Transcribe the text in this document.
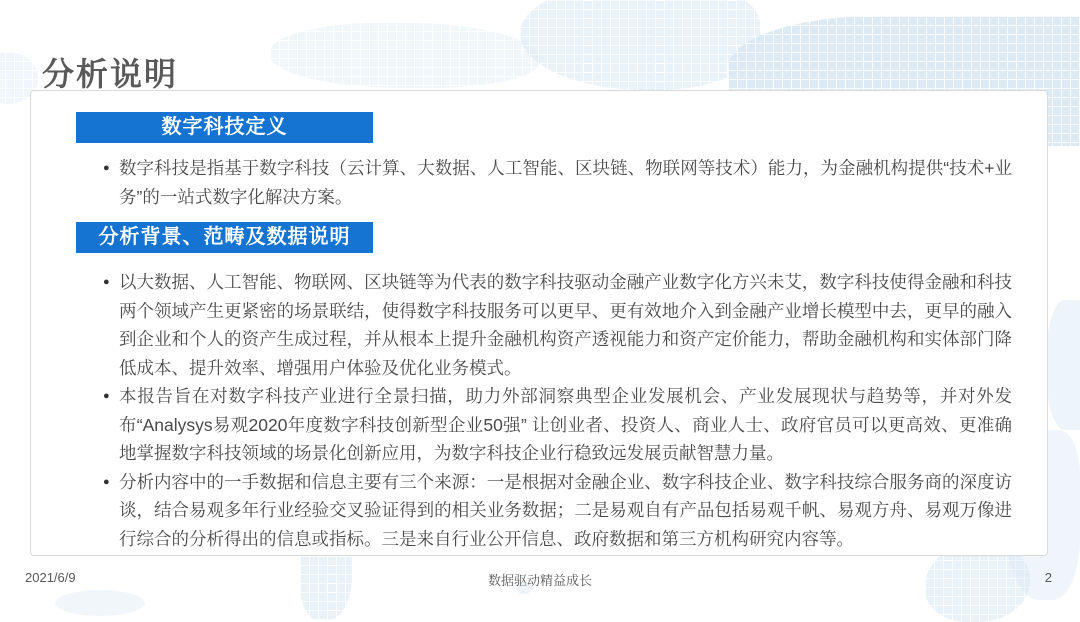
分析说明
数字科技定义
● 数字科技是指基于数字科技（云计算、大数据、人工智能、区块链、物联网等技术）能力，为金融机构提供“技术+业务”的一站式数字化解决方案。

分析背景、范畴及数据说明
● 以大数据、人工智能、物联网、区块链等为代表的数字科技驱动金融产业数字化方兴未艾，数字科技使得金融和科技两个领域产生更紧密的场景联结，使得数字科技服务可以更早、更有效地介入到金融产业增长模型中去，更早的融入到企业和个人的资产生成过程，并从根本上提升金融机构资产透视能力和资产定价能力，帮助金融机构和实体部门降低成本、提升效率、增强用户体验及优化业务模式。

● 本报告旨在对数字科技产业进行全景扫描，助力外部洞察典型企业发展机会、产业发展现状与趋势等，并对外发布“Analysys易观2020年度数字科技创新型企业50强” 让创业者、投资人、商业人士、政府官员可以更高效、更准确地掌握数字科技领域的场景化创新应用，为数字科技企业行稳致远发展贡献智慧力量。

● 分析内容中的一手数据和信息主要有三个来源：一是根据对金融企业、数字科技企业、数字科技综合服务商的深度访谈，结合易观多年行业经验交叉验证得到的相关业务数据；二是易观自有产品包括易观千帆、易观方舟、易观万像进行综合的分析得出的信息或指标。三是来自行业公开信息、政府数据和第三方机构研究内容等。

2021/6/9	数据驱动精益成长	2
